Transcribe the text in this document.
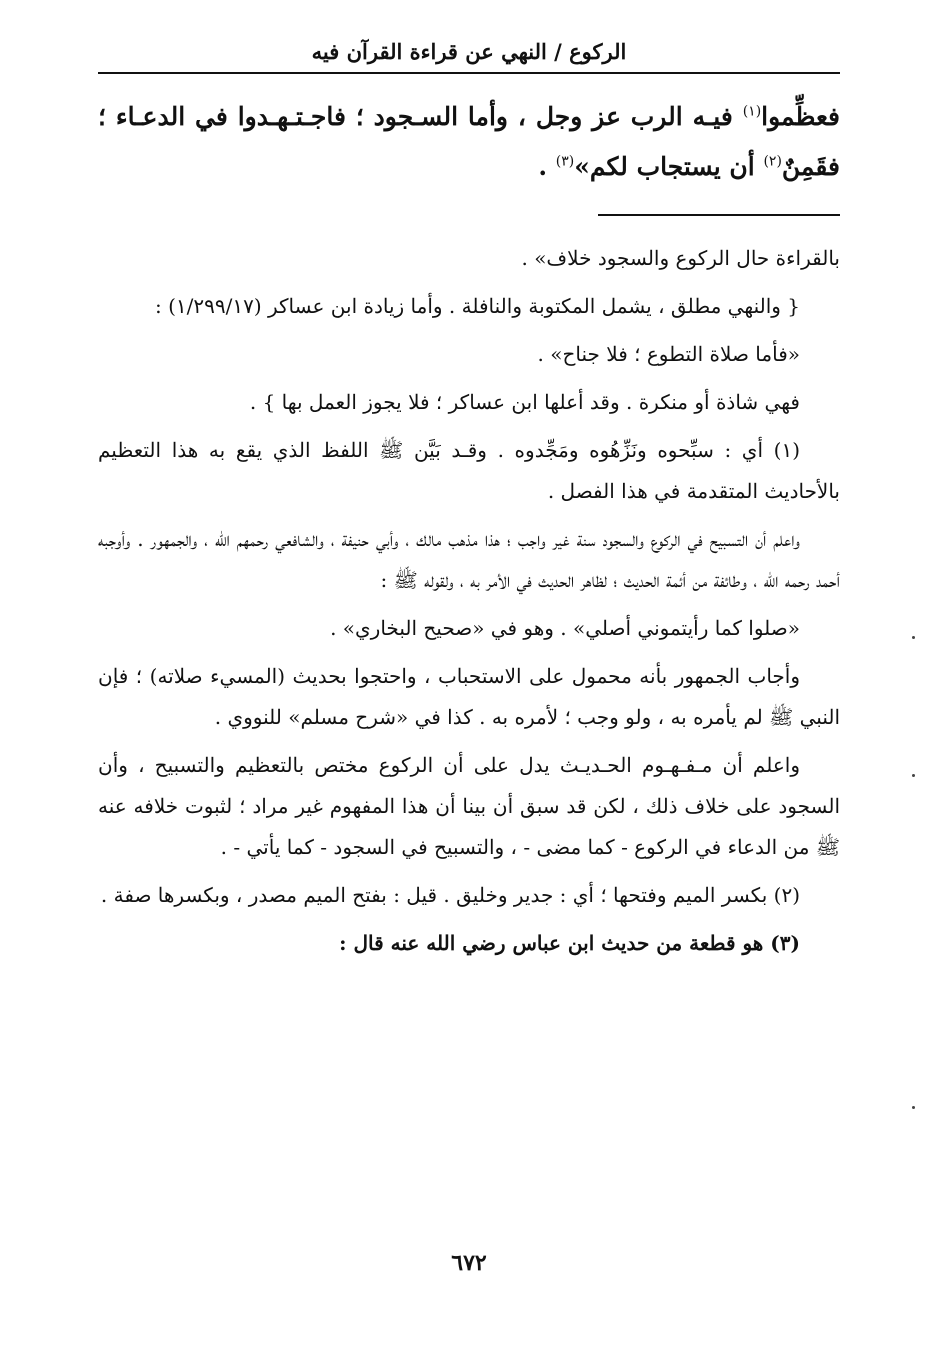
الركوع / النهي عن قراءة القرآن فيه

فعظِّموا$^{(١)}$ فيـه الرب عز وجل ، وأما السـجود ؛ فاجـتـهـدوا في الدعـاء ؛ فقَمِنٌ$^{(٢)}$ أن يستجاب لكم»$^{(٣)}$ .

بالقراءة حال الركوع والسجود خلاف» .

{ والنهي مطلق ، يشمل المكتوبة والنافلة . وأما زيادة ابن عساكر (١/٢٩٩/١٧) :

«فأما صلاة التطوع ؛ فلا جناح» .

فهي شاذة أو منكرة . وقد أعلها ابن عساكر ؛ فلا يجوز العمل بها } .

(١) أي : سبِّحوه ونَزِّهُوه ومَجِّدوه . وقـد بَيَّن ﷺ اللفظ الذي يقع به هذا التعظيم بالأحاديث المتقدمة في هذا الفصل .

واعلم أن التسبيح في الركوع والسجود سنة غير واجب ؛ هذا مذهب مالك ، وأبي حنيفة ، والشافعي رحمهم الله ، والجمهور . وأوجبه أحمد رحمه الله ، وطائفة من أئمة الحديث ؛ لظاهر الحديث في الأمر به ، ولقوله ﷺ :

«صلوا كما رأيتموني أصلي» . وهو في «صحيح البخاري» .

وأجاب الجمهور بأنه محمول على الاستحباب ، واحتجوا بحديث (المسيء صلاته) ؛ فإن النبي ﷺ لم يأمره به ، ولو وجب ؛ لأمره به . كذا في «شرح مسلم» للنووي .

واعلم أن مـفـهـوم الحـديـث يدل على أن الركوع مختص بالتعظيم والتسبيح ، وأن السجود على خلاف ذلك ، لكن قد سبق أن بينا أن هذا المفهوم غير مراد ؛ لثبوت خلافه عنه ﷺ من الدعاء في الركوع - كما مضى - ، والتسبيح في السجود - كما يأتي - .

(٢) بكسر الميم وفتحها ؛ أي : جدير وخليق . قيل : بفتح الميم مصدر ، وبكسرها صفة .

(٣) هو قطعة من حديث ابن عباس رضي الله عنه قال :

٦٧٢
